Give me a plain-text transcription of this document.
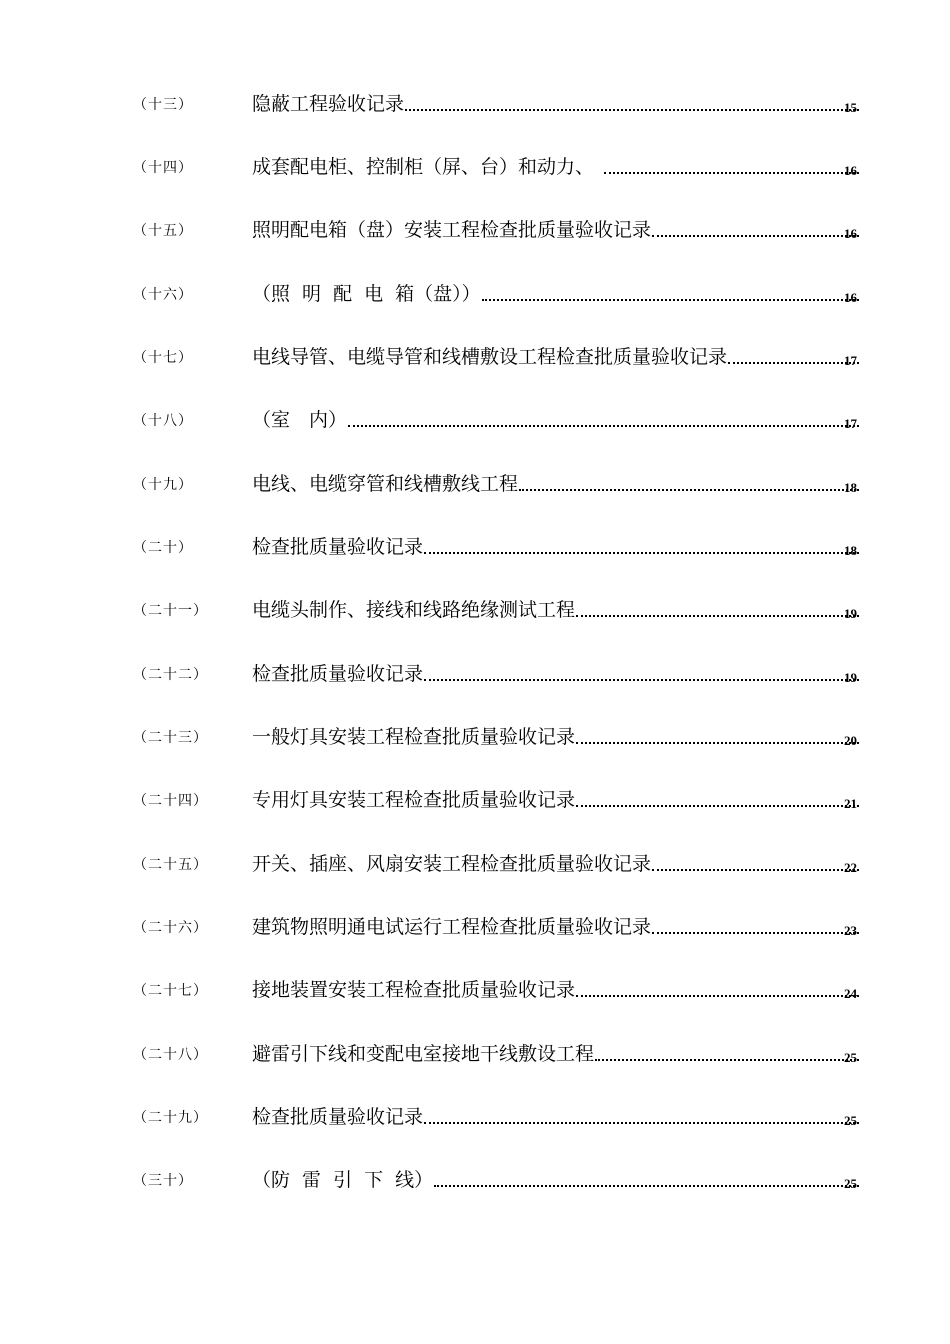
（十三）	隐蔽工程验收记录	15
（十四）	成套配电柜、控制柜（屏、台）和动力、	16
（十五）	照明配电箱（盘）安装工程检查批质量验收记录	16
（十六）	（照 明 配 电 箱（盘））	16
（十七）	电线导管、电缆导管和线槽敷设工程检查批质量验收记录	17
（十八）	（室　内）	17
（十九）	电线、电缆穿管和线槽敷线工程	18
（二十）	检查批质量验收记录	18
（二十一） 电缆头制作、接线和线路绝缘测试工程	19
（二十二） 检查批质量验收记录	19
（二十三） 一般灯具安装工程检查批质量验收记录	20
（二十四） 专用灯具安装工程检查批质量验收记录	21
（二十五） 开关、插座、风扇安装工程检查批质量验收记录	22
（二十六） 建筑物照明通电试运行工程检查批质量验收记录	23
（二十七） 接地装置安装工程检查批质量验收记录	24
（二十八） 避雷引下线和变配电室接地干线敷设工程	25
（二十九） 检查批质量验收记录	25
（三十）	（防 雷 引 下 线）	25
